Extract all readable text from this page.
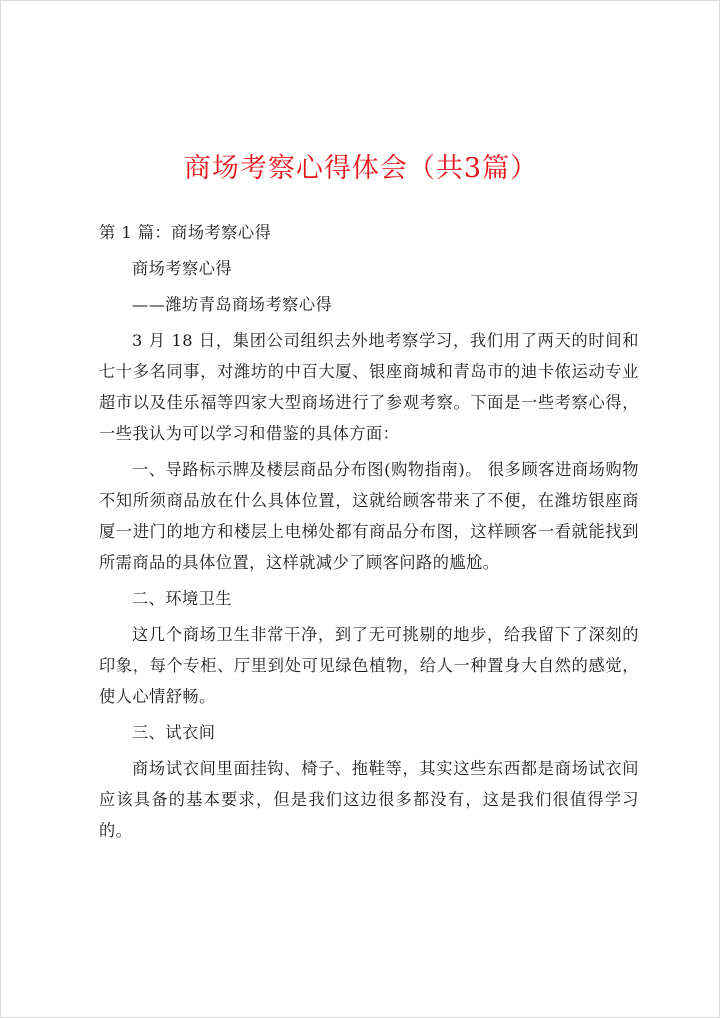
商场考察心得体会（共3篇）

第 1 篇：商场考察心得

商场考察心得

——潍坊青岛商场考察心得

3 月 18 日，集团公司组织去外地考察学习，我们用了两天的时间和七十多名同事，对潍坊的中百大厦、银座商城和青岛市的迪卡侬运动专业超市以及佳乐福等四家大型商场进行了参观考察。下面是一些考察心得，一些我认为可以学习和借鉴的具体方面：

一、导路标示牌及楼层商品分布图(购物指南)。 很多顾客进商场购物不知所须商品放在什么具体位置，这就给顾客带来了不便，在潍坊银座商厦一进门的地方和楼层上电梯处都有商品分布图，这样顾客一看就能找到所需商品的具体位置，这样就减少了顾客问路的尴尬。

二、环境卫生

这几个商场卫生非常干净，到了无可挑剔的地步，给我留下了深刻的印象，每个专柜、厅里到处可见绿色植物，给人一种置身大自然的感觉，使人心情舒畅。

三、试衣间

商场试衣间里面挂钩、椅子、拖鞋等，其实这些东西都是商场试衣间应该具备的基本要求，但是我们这边很多都没有，这是我们很值得学习的。
